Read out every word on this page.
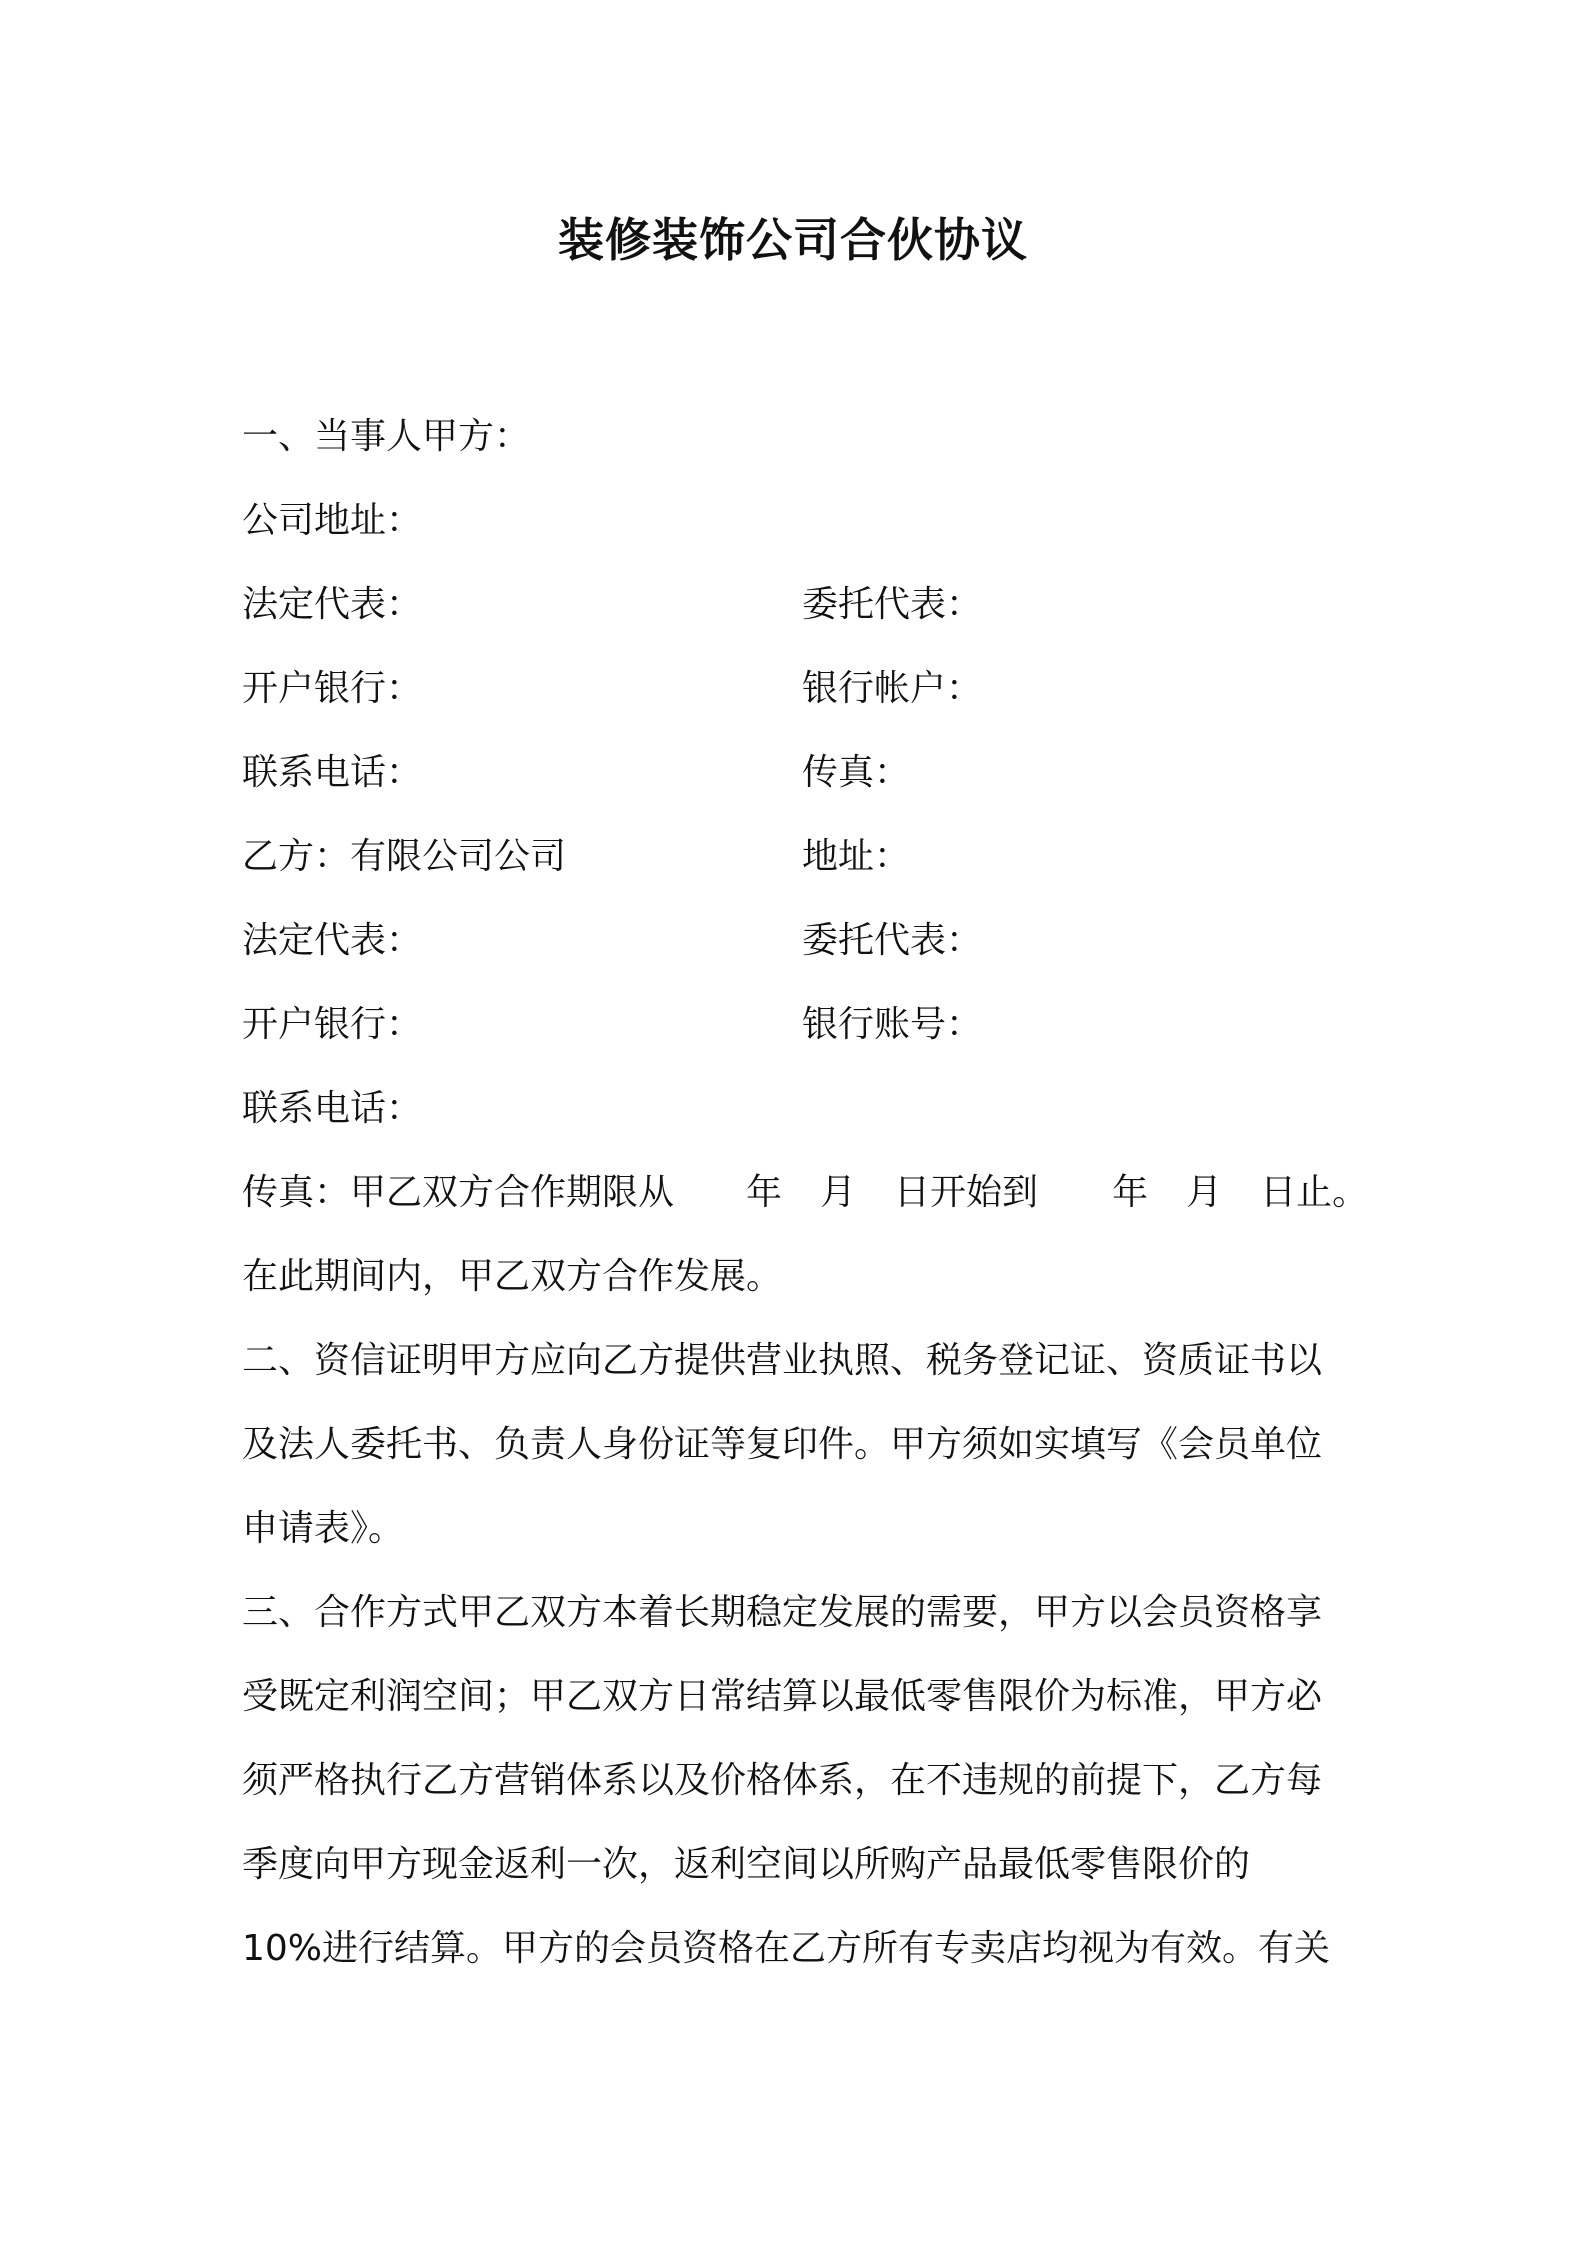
装修装饰公司合伙协议
一、当事人甲方：
公司地址：
法定代表：	委托代表：
开户银行：	银行帐户：
联系电话：	传真：
乙方：有限公司公司	地址：
法定代表：	委托代表：
开户银行：	银行账号：
联系电话：
传真：甲乙双方合作期限从 年 月 日开始到 年 月 日止。
在此期间内，甲乙双方合作发展。
二、资信证明甲方应向乙方提供营业执照、税务登记证、资质证书以
及法人委托书、负责人身份证等复印件。甲方须如实填写《会员单位
申请表》。
三、合作方式甲乙双方本着长期稳定发展的需要，甲方以会员资格享
受既定利润空间；甲乙双方日常结算以最低零售限价为标准，甲方必
须严格执行乙方营销体系以及价格体系，在不违规的前提下，乙方每
季度向甲方现金返利一次，返利空间以所购产品最低零售限价的
10%进行结算。甲方的会员资格在乙方所有专卖店均视为有效。有关
